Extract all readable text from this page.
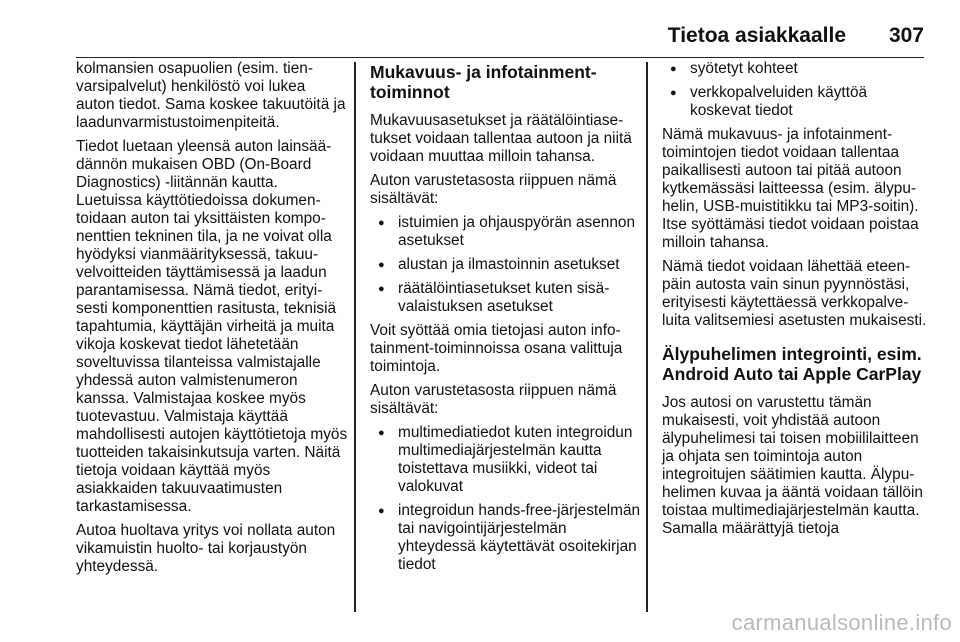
Tietoa asiakkaalle 307

kolmansien osapuolien (esim. tienvarsipalvelut) henkilöstö voi lukea auton tiedot. Sama koskee takuutöitä ja laadunvarmistustoimenpiteitä.

Tiedot luetaan yleensä auton lainsäädännön mukaisen OBD (On-Board Diagnostics) -liitännän kautta. Luetuissa käyttötiedoissa dokumentoidaan auton tai yksittäisten komponenttien tekninen tila, ja ne voivat olla hyödyksi vianmäärityksessä, takuuvelvoitteiden täyttämisessä ja laadun parantamisessa. Nämä tiedot, erityisesti komponenttien rasitusta, teknisiä tapahtumia, käyttäjän virheitä ja muita vikoja koskevat tiedot lähetetään soveltuvissa tilanteissa valmistajalle yhdessä auton valmistenumeron kanssa. Valmistajaa koskee myös tuotevastuu. Valmistaja käyttää mahdollisesti autojen käyttötietoja myös tuotteiden takaisinkutsuja varten. Näitä tietoja voidaan käyttää myös asiakkaiden takuuvaatimusten tarkastamisessa.

Autoa huoltava yritys voi nollata auton vikamuistin huolto- tai korjaustyön yhteydessä.

Mukavuus- ja infotainmenttoiminnot

Mukavuusasetukset ja räätälöintiasetukset voidaan tallentaa autoon ja niitä voidaan muuttaa milloin tahansa.

Auton varustetasosta riippuen nämä sisältävät:

● istuimien ja ohjauspyörän asennon asetukset
● alustan ja ilmastoinnin asetukset
● räätälöintiasetukset kuten sisävalaistuksen asetukset

Voit syöttää omia tietojasi auton infotainment-toiminnoissa osana valittuja toimintoja.

Auton varustetasosta riippuen nämä sisältävät:

● multimediatiedot kuten integroidun multimediajärjestelmän kautta toistettava musiikki, videot tai valokuvat
● integroidun hands-free-järjestelmän tai navigointijärjestelmän yhteydessä käytettävät osoitekirjan tiedot
● syötetyt kohteet
● verkkopalveluiden käyttöä koskevat tiedot

Nämä mukavuus- ja infotainmenttoimintojen tiedot voidaan tallentaa paikallisesti autoon tai pitää autoon kytkemässäsi laitteessa (esim. älypuhelin, USB-muistitikku tai MP3-soitin). Itse syöttämäsi tiedot voidaan poistaa milloin tahansa.

Nämä tiedot voidaan lähettää eteenpäin autosta vain sinun pyynnöstäsi, erityisesti käytettäessä verkkopalveluita valitsemiesi asetusten mukaisesti.

Älypuhelimen integrointi, esim. Android Auto tai Apple CarPlay

Jos autosi on varustettu tämän mukaisesti, voit yhdistää autoon älypuhelimesi tai toisen mobiililaitteen ja ohjata sen toimintoja auton integroitujen säätimien kautta. Älypuhelimen kuvaa ja ääntä voidaan tällöin toistaa multimediajärjestelmän kautta. Samalla määrättyjä tietoja

carmanualsonline.info
